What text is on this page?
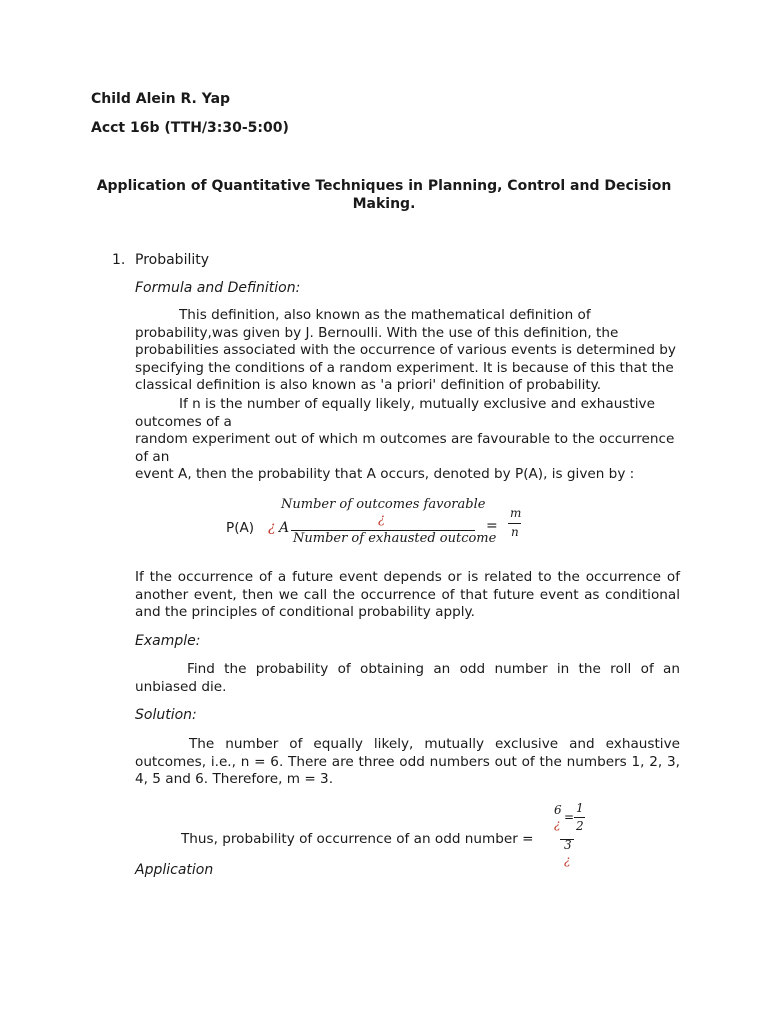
Child Alein R. Yap
Acct 16b (TTH/3:30-5:00)
Application of Quantitative Techniques in Planning, Control and Decision Making.
1. Probability
Formula and Definition:
This definition, also known as the mathematical definition of probability,was given by J. Bernoulli. With the use of this definition, the probabilities associated with the occurrence of various events is determined by specifying the conditions of a random experiment. It is because of this that the classical definition is also known as 'a priori' definition of probability.
If n is the number of equally likely, mutually exclusive and exhaustive outcomes of a
random experiment out of which m outcomes are favourable to the occurrence of an
event A, then the probability that A occurs, denoted by P(A), is given by :
P(A) ¿ A
Number of outcomes favorable
¿
Number of exhausted outcome
=
m
n
If the occurrence of a future event depends or is related to the occurrence of another event, then we call the occurrence of that future event as conditional and the principles of conditional probability apply.
Example:
Find the probability of obtaining an odd number in the roll of an unbiased die.
Solution:
The number of equally likely, mutually exclusive and exhaustive outcomes, i.e., n = 6. There are three odd numbers out of the numbers 1, 2, 3, 4, 5 and 6. Therefore, m = 3.
Thus, probability of occurrence of an odd number =
6
¿ =
1
2
3
¿
Application
